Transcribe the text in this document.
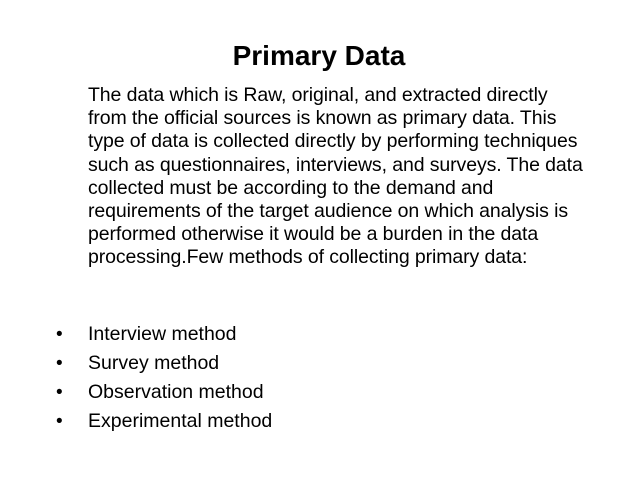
Primary Data
The data which is Raw, original, and extracted directly from the official sources is known as primary data. This type of data is collected directly by performing techniques such as questionnaires, interviews, and surveys. The data collected must be according to the demand and requirements of the target audience on which analysis is performed otherwise it would be a burden in the data processing.Few methods of collecting primary data:
•	Interview method
•	Survey method
•	Observation method
•	Experimental method
